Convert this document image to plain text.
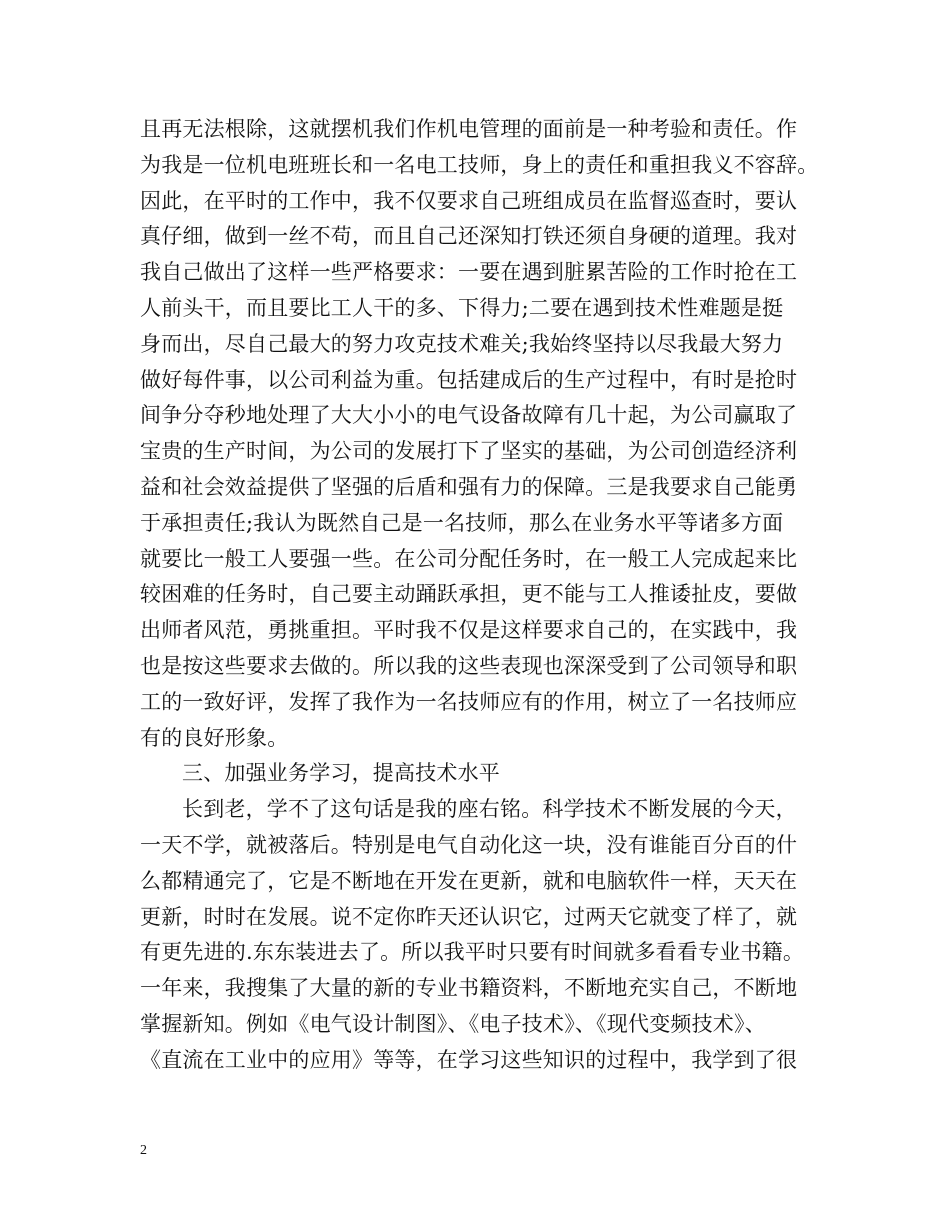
且再无法根除，这就摆机我们作机电管理的面前是一种考验和责任。作
为我是一位机电班班长和一名电工技师，身上的责任和重担我义不容辞。
因此，在平时的工作中，我不仅要求自己班组成员在监督巡查时，要认
真仔细，做到一丝不苟，而且自己还深知打铁还须自身硬的道理。我对
我自己做出了这样一些严格要求：一要在遇到脏累苦险的工作时抢在工
人前头干，而且要比工人干的多、下得力;二要在遇到技术性难题是挺
身而出，尽自己最大的努力攻克技术难关;我始终坚持以尽我最大努力
做好每件事，以公司利益为重。包括建成后的生产过程中，有时是抢时
间争分夺秒地处理了大大小小的电气设备故障有几十起，为公司赢取了
宝贵的生产时间，为公司的发展打下了坚实的基础，为公司创造经济利
益和社会效益提供了坚强的后盾和强有力的保障。三是我要求自己能勇
于承担责任;我认为既然自己是一名技师，那么在业务水平等诸多方面
就要比一般工人要强一些。在公司分配任务时，在一般工人完成起来比
较困难的任务时，自己要主动踊跃承担，更不能与工人推诿扯皮，要做
出师者风范，勇挑重担。平时我不仅是这样要求自己的，在实践中，我
也是按这些要求去做的。所以我的这些表现也深深受到了公司领导和职
工的一致好评，发挥了我作为一名技师应有的作用，树立了一名技师应
有的良好形象。
三、加强业务学习，提高技术水平
长到老，学不了这句话是我的座右铭。科学技术不断发展的今天，
一天不学，就被落后。特别是电气自动化这一块，没有谁能百分百的什
么都精通完了，它是不断地在开发在更新，就和电脑软件一样，天天在
更新，时时在发展。说不定你昨天还认识它，过两天它就变了样了，就
有更先进的.东东装进去了。所以我平时只要有时间就多看看专业书籍。
一年来，我搜集了大量的新的专业书籍资料，不断地充实自己，不断地
掌握新知。例如《电气设计制图》、《电子技术》、《现代变频技术》、
《直流在工业中的应用》等等，在学习这些知识的过程中，我学到了很
2
